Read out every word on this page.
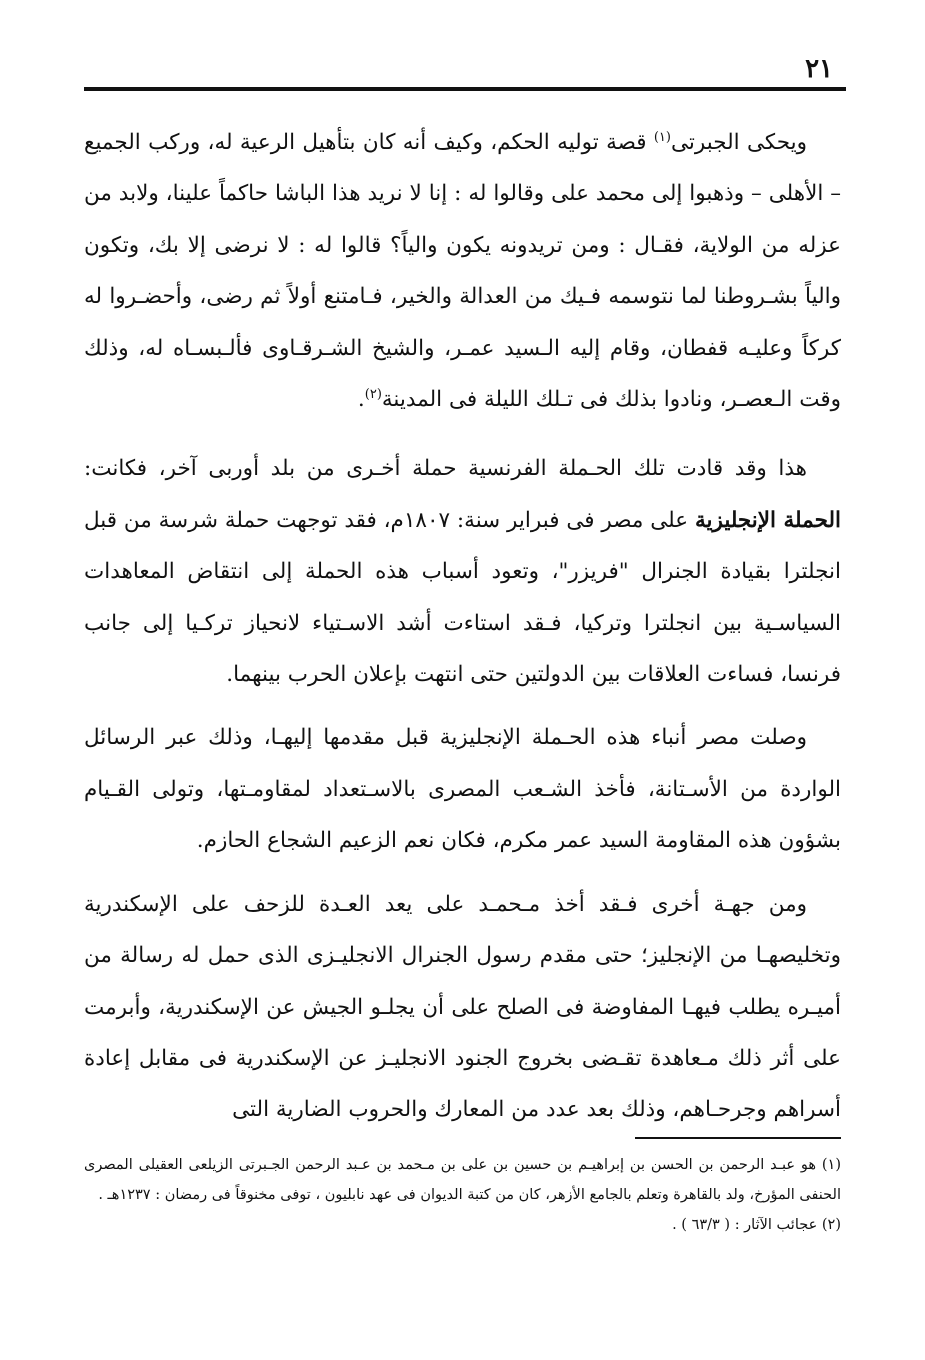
٢١

ويحكى الجبرتى$^{(١)}$ قصة توليه الحكم، وكيف أنه كان بتأهيل الرعية له، وركب الجميع – الأهلى – وذهبوا إلى محمد على وقالوا له : إنا لا نريد هذا الباشا حاكماً علينا، ولابد من عزله من الولاية، فقـال : ومن تريدونه يكون والياً؟ قالوا له : لا نرضى إلا بك، وتكون والياً بشـروطنا لما نتوسمه فـيك من العدالة والخير، فـامتنع أولاً ثم رضى، وأحضـروا له كركاً وعليـه قفطان، وقام إليه الـسيد عمـر، والشيخ الشـرقـاوى فألـبسـاه له، وذلك وقت الـعصـر، ونادوا بذلك فى تـلك الليلة فى المدينة$^{(٢)}$.

هذا وقد قادت تلك الحـملة الفرنسية حملة أخـرى من بلد أوربى آخر، فكانت: الحملة الإنجليزية على مصر فى فبراير سنة: ١٨٠٧م، فقد توجهت حملة شرسة من قبل انجلترا بقيادة الجنرال "فريزر"، وتعود أسباب هذه الحملة إلى انتقاض المعاهدات السياسـية بين انجلترا وتركيا، فـقد استاءت أشد الاسـتياء لانحياز تركـيا إلى جانب فرنسا، فساءت العلاقات بين الدولتين حتى انتهت بإعلان الحرب بينهما.

وصلت مصر أنباء هذه الحـملة الإنجليزية قبل مقدمها إليهـا، وذلك عبر الرسائل الواردة من الأسـتانة، فأخذ الشـعب المصرى بالاسـتعداد لمقاومـتها، وتولى القـيام بشؤون هذه المقاومة السيد عمر مكرم، فكان نعم الزعيم الشجاع الحازم.

ومن جهـة أخرى فـقد أخذ مـحمـد على يعد العـدة للزحف على الإسكندرية وتخليصهـا من الإنجليز؛ حتى مقدم رسول الجنرال الانجليـزى الذى حمل له رسالة من أميـره يطلب فيهـا المفاوضة فى الصلح على أن يجلـو الجيش عن الإسكندرية، وأبرمت على أثر ذلك مـعاهدة تقـضى بخروج الجنود الانجليـز عن الإسكندرية فى مقابل إعادة أسراهم وجرحـاهم، وذلك بعد عدد من المعارك والحروب الضارية التى

(١) هو عبـد الرحمن بن الحسن بن إبراهيـم بن حسين بن على بن مـحمد بن عـبد الرحمن الجـبرتى الزيلعى العقيلى المصرى الحنفى المؤرخ، ولد بالقاهرة وتعلم بالجامع الأزهر، كان من كتبة الديوان فى عهد نابليون ، توفى مخنوقاً فى رمضان : ١٢٣٧هـ .

(٢) عجائب الآثار : ( ٦٣/٣ ) .
